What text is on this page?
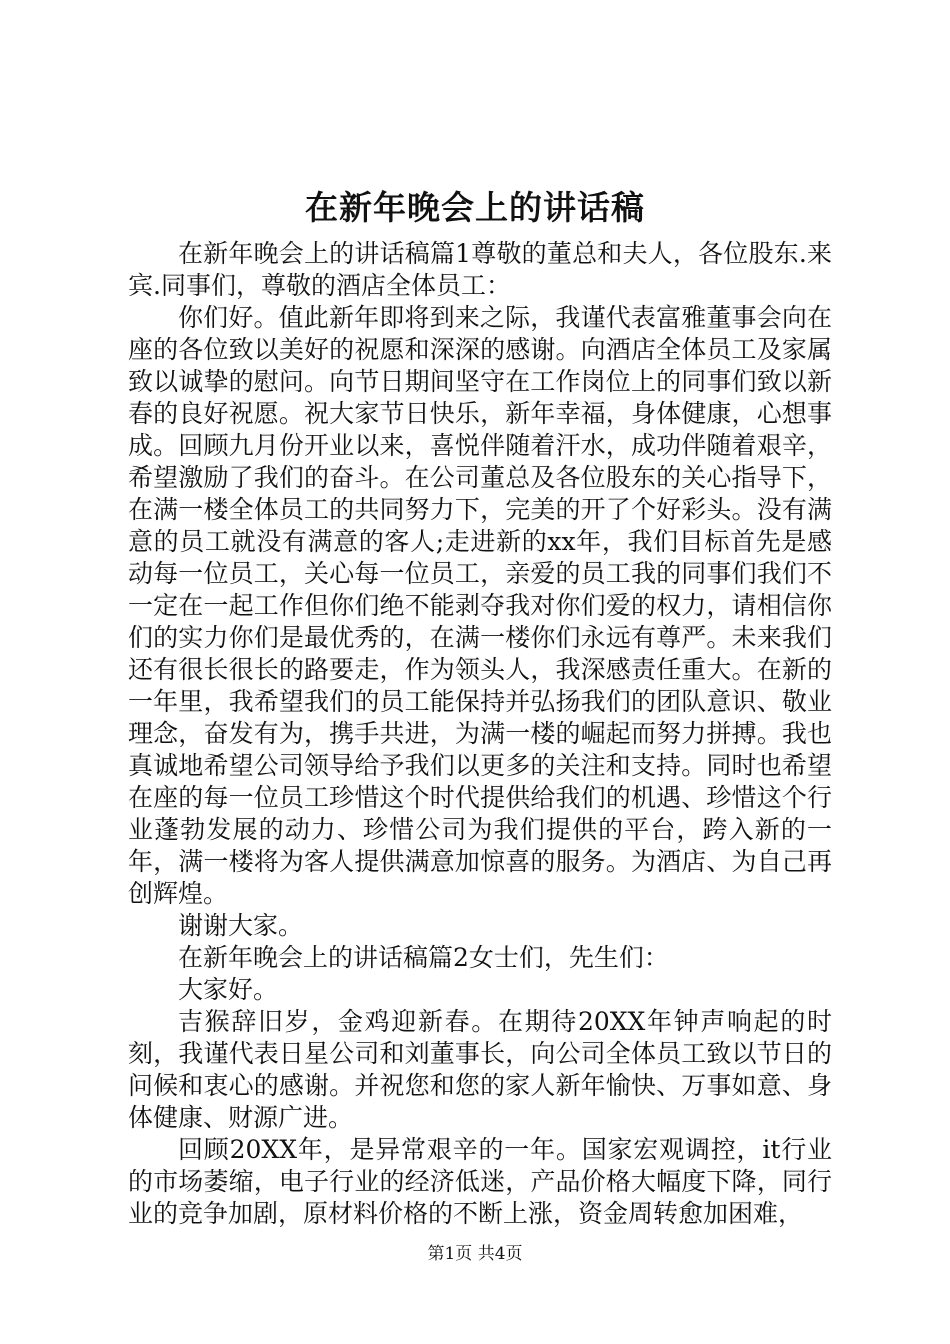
在新年晚会上的讲话稿

在新年晚会上的讲话稿篇1尊敬的董总和夫人，各位股东.来宾.同事们，尊敬的酒店全体员工：

你们好。值此新年即将到来之际，我谨代表富雅董事会向在座的各位致以美好的祝愿和深深的感谢。向酒店全体员工及家属致以诚挚的慰问。向节日期间坚守在工作岗位上的同事们致以新春的良好祝愿。祝大家节日快乐，新年幸福，身体健康，心想事成。回顾九月份开业以来，喜悦伴随着汗水，成功伴随着艰辛，希望激励了我们的奋斗。在公司董总及各位股东的关心指导下，在满一楼全体员工的共同努力下，完美的开了个好彩头。没有满意的员工就没有满意的客人;走进新的xx年，我们目标首先是感动每一位员工，关心每一位员工，亲爱的员工我的同事们我们不一定在一起工作但你们绝不能剥夺我对你们爱的权力，请相信你们的实力你们是最优秀的，在满一楼你们永远有尊严。未来我们还有很长很长的路要走，作为领头人，我深感责任重大。在新的一年里，我希望我们的员工能保持并弘扬我们的团队意识、敬业理念，奋发有为，携手共进，为满一楼的崛起而努力拼搏。我也真诚地希望公司领导给予我们以更多的关注和支持。同时也希望在座的每一位员工珍惜这个时代提供给我们的机遇、珍惜这个行业蓬勃发展的动力、珍惜公司为我们提供的平台，跨入新的一年，满一楼将为客人提供满意加惊喜的服务。为酒店、为自己再创辉煌。

谢谢大家。

在新年晚会上的讲话稿篇2女士们，先生们：

大家好。

吉猴辞旧岁，金鸡迎新春。在期待20XX年钟声响起的时刻，我谨代表日星公司和刘董事长，向公司全体员工致以节日的问候和衷心的感谢。并祝您和您的家人新年愉快、万事如意、身体健康、财源广进。

回顾20XX年，是异常艰辛的一年。国家宏观调控，it行业的市场萎缩，电子行业的经济低迷，产品价格大幅度下降，同行业的竞争加剧，原材料价格的不断上涨，资金周转愈加困难，

第1页 共4页
